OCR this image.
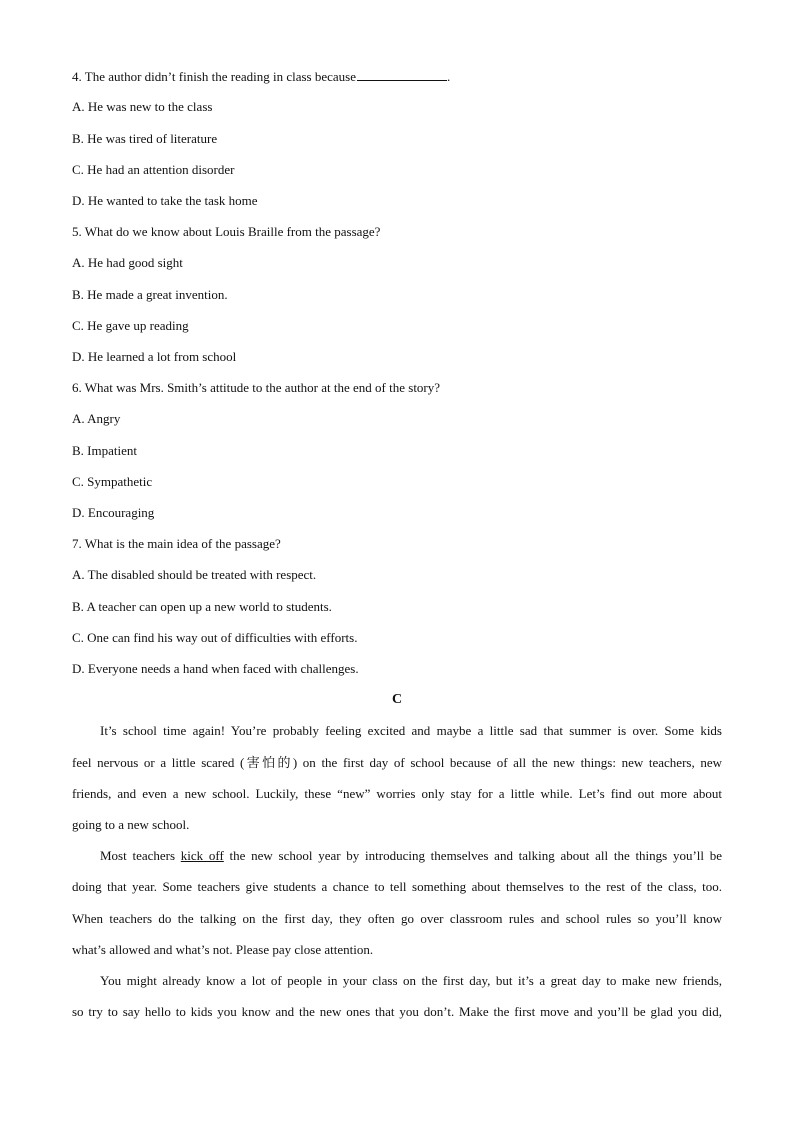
4. The author didn’t finish the reading in class because	.
A. He was new to the class
B. He was tired of literature
C. He had an attention disorder
D. He wanted to take the task home
5. What do we know about Louis Braille from the passage?
A. He had good sight
B. He made a great invention.
C. He gave up reading
D. He learned a lot from school
6. What was Mrs. Smith’s attitude to the author at the end of the story?
A. Angry
B. Impatient
C. Sympathetic
D. Encouraging
7. What is the main idea of the passage?
A. The disabled should be treated with respect.
B. A teacher can open up a new world to students.
C. One can find his way out of difficulties with efforts.
D. Everyone needs a hand when faced with challenges.
C
It’s school time again! You’re probably feeling excited and maybe a little sad that summer is over. Some kids
feel nervous or a little scared (害怕的) on the first day of school because of all the new things: new teachers, new
friends, and even a new school. Luckily, these “new” worries only stay for a little while. Let’s find out more about
going to a new school.
Most teachers kick off the new school year by introducing themselves and talking about all the things you’ll be
doing that year. Some teachers give students a chance to tell something about themselves to the rest of the class, too.
When teachers do the talking on the first day, they often go over classroom rules and school rules so you’ll know
what’s allowed and what’s not. Please pay close attention.
You might already know a lot of people in your class on the first day, but it’s a great day to make new friends,
so try to say hello to kids you know and the new ones that you don’t. Make the first move and you’ll be glad you did,
